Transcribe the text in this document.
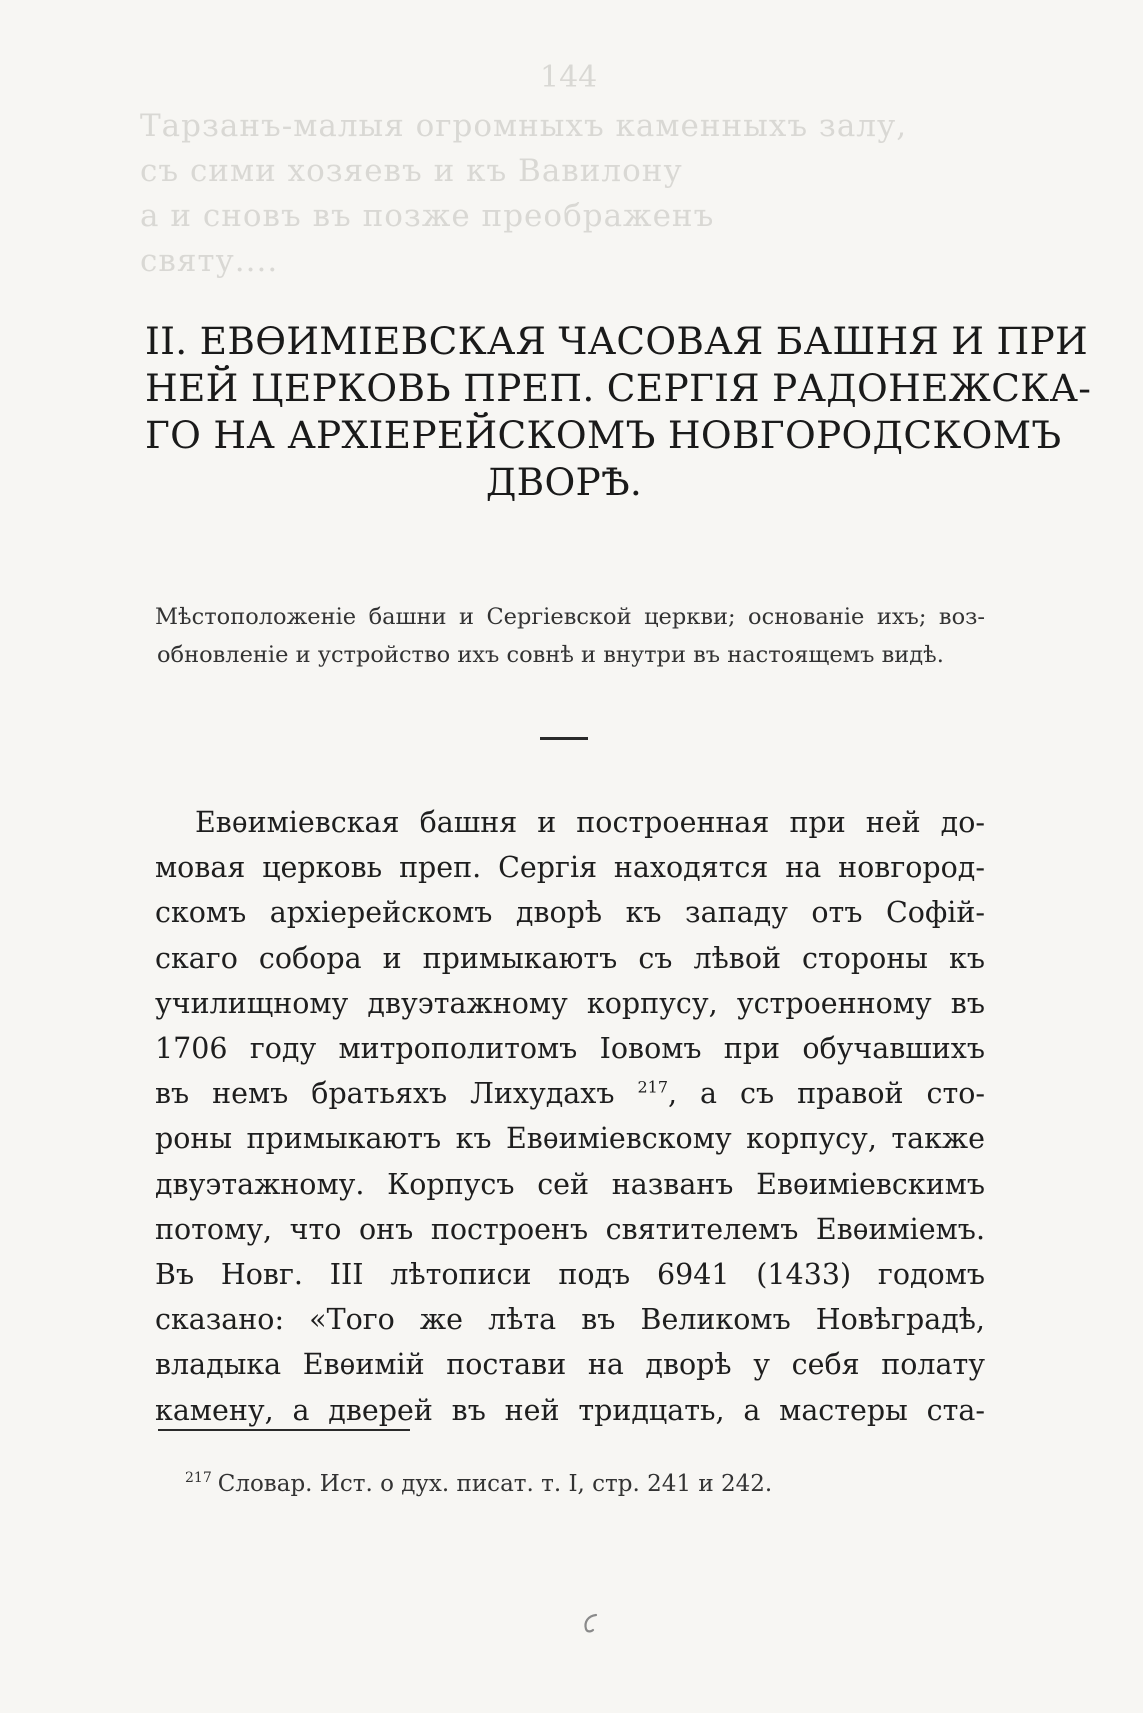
144
Тарзанъ-малыя огромныхъ каменныхъ залу,
съ сими хозяевъ и къ Вавилону
а и сновъ въ позже преображенъ
святу....
II. ЕВѲИМІЕВСКАЯ ЧАСОВАЯ БАШНЯ И ПРИ
НЕЙ ЦЕРКОВЬ ПРЕП. СЕРГІЯ РАДОНЕЖСКА-
ГО НА АРХІЕРЕЙСКОМЪ НОВГОРОДСКОМЪ
ДВОРѢ.
Мѣстоположеніе башни и Сергіевской церкви; основаніе ихъ; воз-
обновленіе и устройство ихъ совнѣ и внутри въ настоящемъ видѣ.
Евѳиміевская башня и построенная при ней до-
мовая церковь преп. Сергія находятся на новгород-
скомъ архіерейскомъ дворѣ къ западу отъ Софій-
скаго собора и примыкаютъ съ лѣвой стороны къ
училищному двуэтажному корпусу, устроенному въ
1706 году митрополитомъ Іовомъ при обучавшихъ
въ немъ братьяхъ Лихудахъ $^{217}$, а съ правой сто-
роны примыкаютъ къ Евѳиміевскому корпусу, также
двуэтажному. Корпусъ сей названъ Евѳиміевскимъ
потому, что онъ построенъ святителемъ Евѳиміемъ.
Въ Новг. III лѣтописи подъ 6941 (1433) годомъ
сказано: «Того же лѣта въ Великомъ Новѣградѣ,
владыка Евѳимій постави на дворѣ у себя полату
камену, а дверей въ ней тридцать, а мастеры ста-
$^{217}$ Словар. Ист. о дух. писат. т. I, стр. 241 и 242.
